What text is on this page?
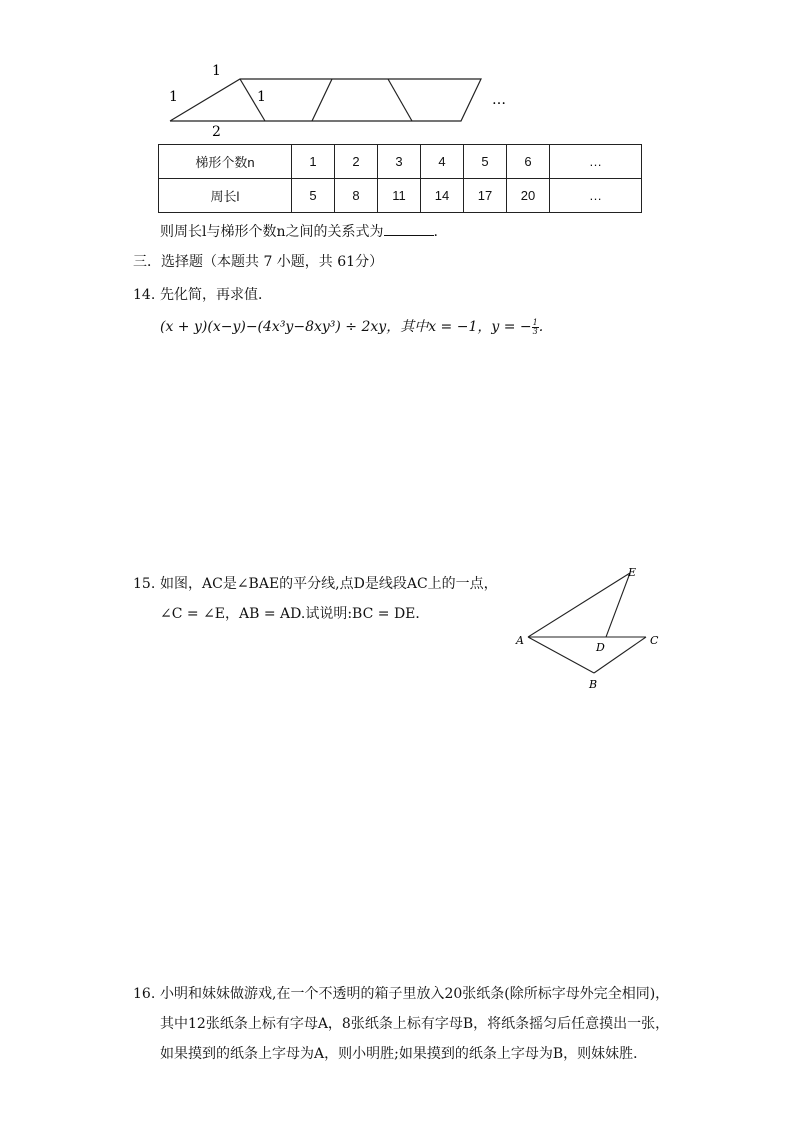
1
1	1
2
…
梯形个数n	1	2	3	4	5	6	…
周长l	5	8	11	14	17	20	…
则周长l与梯形个数n之间的关系式为	.
三．选择题（本题共 7 小题，共 61分）
14. 先化简，再求值．
(x + y)(x−y)−(4x³y−8xy³) ÷ 2xy，其中x = −1，y = − $\frac{1}{3}$ .
15. 如图，AC是∠BAE的平分线,点D是线段AC上的一点，
∠C = ∠E，AB = AD.试说明:BC = DE．
E
A
D
C
B
16. 小明和妹妹做游戏,在一个不透明的箱子里放入20张纸条(除所标字母外完全相同)，
其中12张纸条上标有字母A，8张纸条上标有字母B，将纸条摇匀后任意摸出一张，
如果摸到的纸条上字母为A，则小明胜;如果摸到的纸条上字母为B，则妹妹胜．
